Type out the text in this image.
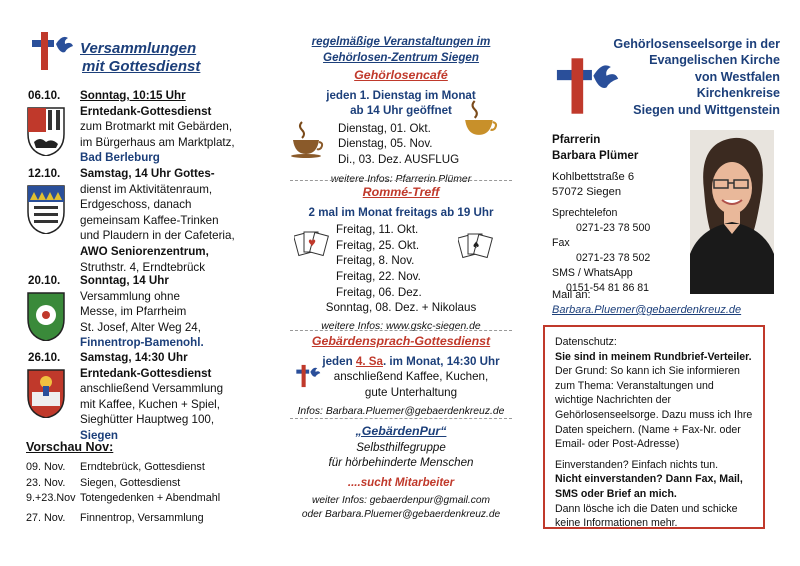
Versammlungen
mit Gottesdienst
06.10. Sonntag, 10:15 Uhr
Erntedank-Gottesdienst
zum Brotmarkt mit Gebärden,
im Bürgerhaus am Marktplatz,
Bad Berleburg
12.10. Samstag, 14 Uhr Gottes-
dienst im Aktivitätenraum,
Erdgeschoss, danach
gemeinsam Kaffee-Trinken
und Plaudern in der Cafeteria,
AWO Seniorenzentrum,
Struthstr. 4, Erndtebrück
20.10. Sonntag, 14 Uhr
Versammlung ohne
Messe, im Pfarrheim
St. Josef, Alter Weg 24,
Finnentrop-Bamenohl.
26.10. Samstag, 14:30 Uhr
Erntedank-Gottesdienst
anschließend Versammlung
mit Kaffee, Kuchen + Spiel,
Sieghütter Hauptweg 100,
Siegen
Vorschau Nov:
09. Nov. Erndtebrück, Gottesdienst
23. Nov. Siegen, Gottesdienst
9.+23.Nov Totengedenken + Abendmahl
27. Nov. Finnentrop, Versammlung
regelmäßige Veranstaltungen im
Gehörlosen-Zentrum Siegen
Gehörlosencafé
jeden 1. Dienstag im Monat
ab 14 Uhr geöffnet
Dienstag, 01. Okt.
Dienstag, 05. Nov.
Di., 03. Dez. AUSFLUG
weitere Infos: Pfarrerin Plümer
Rommé-Treff
2 mal im Monat freitags ab 19 Uhr
Freitag, 11. Okt.
Freitag, 25. Okt.
Freitag, 8. Nov.
Freitag, 22. Nov.
Freitag, 06. Dez.
Sonntag, 08. Dez. + Nikolaus
weitere Infos: www.gskc-siegen.de
♥	♠
Gebärdensprach-Gottesdienst
jeden 4. Sa. im Monat, 14:30 Uhr
anschließend Kaffee, Kuchen,
gute Unterhaltung
Infos: Barbara.Pluemer@gebaerdenkreuz.de
„GebärdenPur“
Selbsthilfegruppe
für hörbehinderte Menschen
....sucht Mitarbeiter
weiter Infos: gebaerdenpur@gmail.com
oder Barbara.Pluemer@gebaerdenkreuz.de
Gehörlosenseelsorge in der
Evangelischen Kirche
von Westfalen
Kirchenkreise
Siegen und Wittgenstein
Pfarrerin
Barbara Plümer
Kohlbettstraße 6
57072 Siegen
Sprechtelefon
0271-23 78 500
Fax
0271-23 78 502
SMS / WhatsApp
0151-54 81 86 81
Mail an:
Barbara.Pluemer@gebaerdenkreuz.de
Datenschutz:
Sie sind in meinem Rundbrief-Verteiler.
Der Grund: So kann ich Sie informieren zum Thema: Veranstaltungen und wichtige Nachrichten der Gehörlosenseelsorge. Dazu muss ich Ihre Daten speichern. (Name + Fax-Nr. oder Email- oder Post-Adresse)
Einverstanden? Einfach nichts tun.
Nicht einverstanden? Dann Fax, Mail, SMS oder Brief an mich.
Dann lösche ich die Daten und schicke keine Informationen mehr.
